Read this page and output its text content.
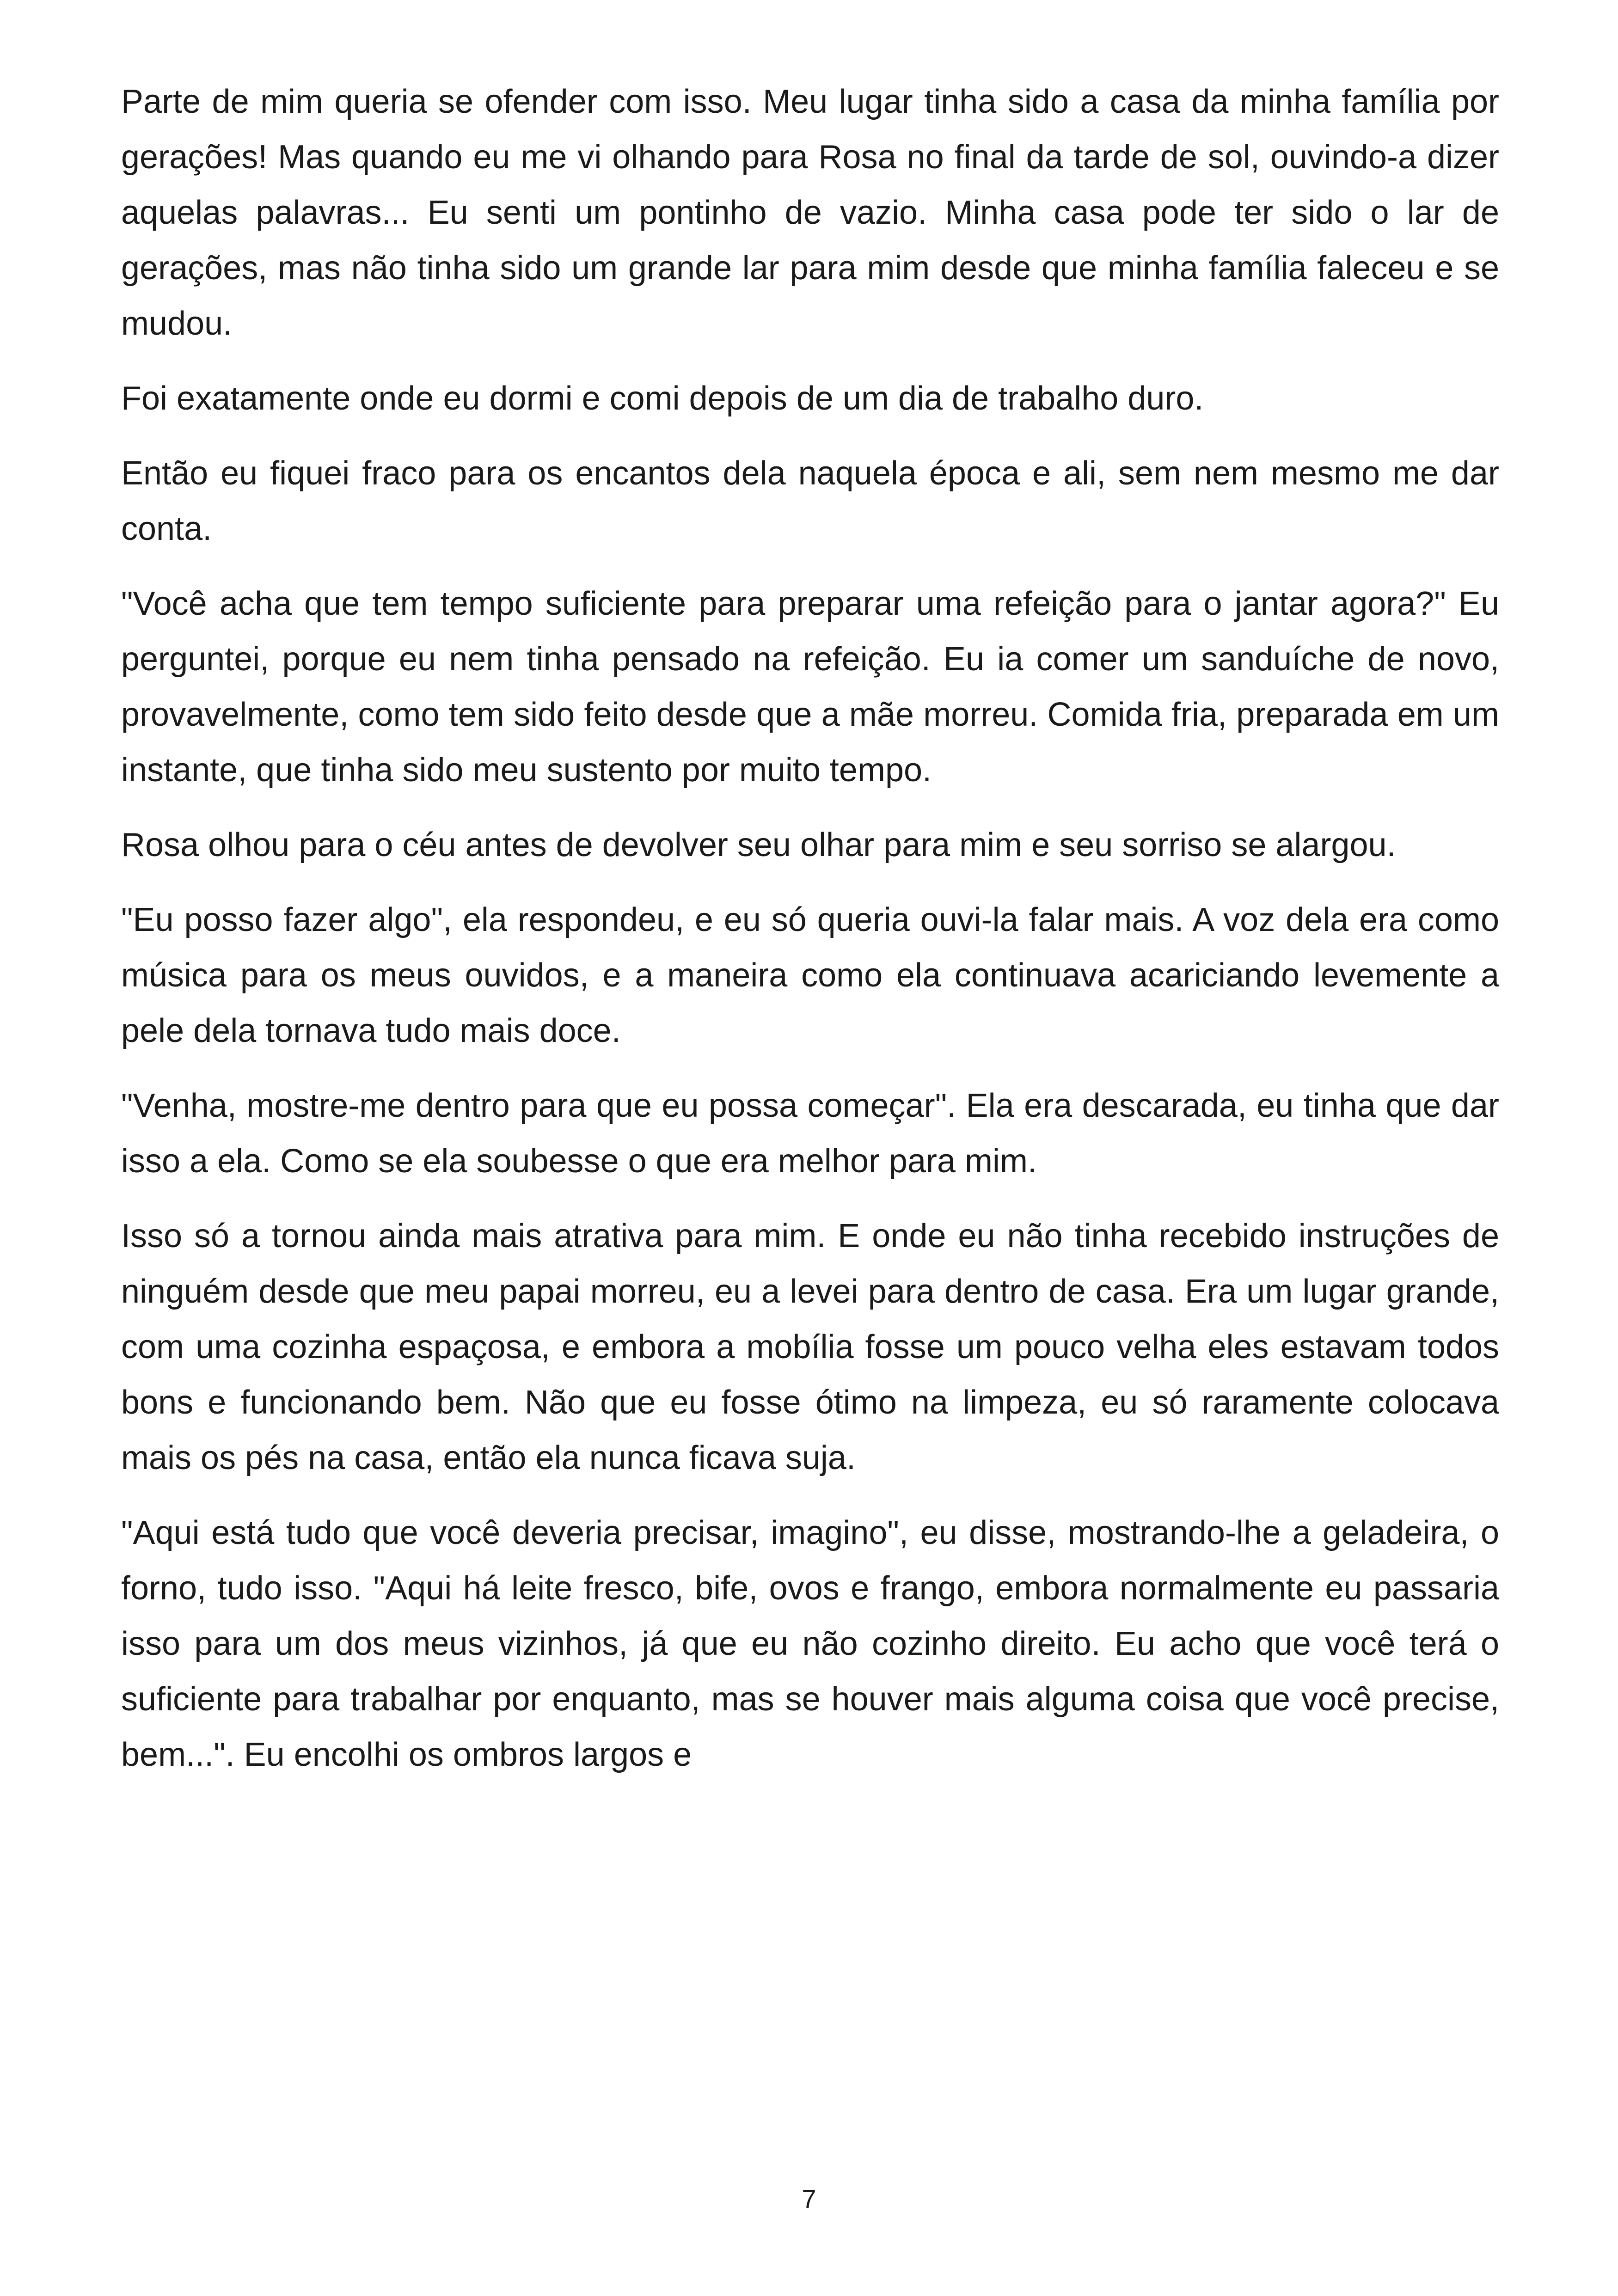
Parte de mim queria se ofender com isso. Meu lugar tinha sido a casa da minha família por gerações! Mas quando eu me vi olhando para Rosa no final da tarde de sol, ouvindo-a dizer aquelas palavras... Eu senti um pontinho de vazio. Minha casa pode ter sido o lar de gerações, mas não tinha sido um grande lar para mim desde que minha família faleceu e se mudou.

Foi exatamente onde eu dormi e comi depois de um dia de trabalho duro.

Então eu fiquei fraco para os encantos dela naquela época e ali, sem nem mesmo me dar conta.

"Você acha que tem tempo suficiente para preparar uma refeição para o jantar agora?" Eu perguntei, porque eu nem tinha pensado na refeição. Eu ia comer um sanduíche de novo, provavelmente, como tem sido feito desde que a mãe morreu. Comida fria, preparada em um instante, que tinha sido meu sustento por muito tempo.

Rosa olhou para o céu antes de devolver seu olhar para mim e seu sorriso se alargou.

"Eu posso fazer algo", ela respondeu, e eu só queria ouvi-la falar mais. A voz dela era como música para os meus ouvidos, e a maneira como ela continuava acariciando levemente a pele dela tornava tudo mais doce.

"Venha, mostre-me dentro para que eu possa começar". Ela era descarada, eu tinha que dar isso a ela. Como se ela soubesse o que era melhor para mim.

Isso só a tornou ainda mais atrativa para mim. E onde eu não tinha recebido instruções de ninguém desde que meu papai morreu, eu a levei para dentro de casa. Era um lugar grande, com uma cozinha espaçosa, e embora a mobília fosse um pouco velha eles estavam todos bons e funcionando bem. Não que eu fosse ótimo na limpeza, eu só raramente colocava mais os pés na casa, então ela nunca ficava suja.

"Aqui está tudo que você deveria precisar, imagino", eu disse, mostrando-lhe a geladeira, o forno, tudo isso. "Aqui há leite fresco, bife, ovos e frango, embora normalmente eu passaria isso para um dos meus vizinhos, já que eu não cozinho direito. Eu acho que você terá o suficiente para trabalhar por enquanto, mas se houver mais alguma coisa que você precise, bem...". Eu encolhi os ombros largos e

7
